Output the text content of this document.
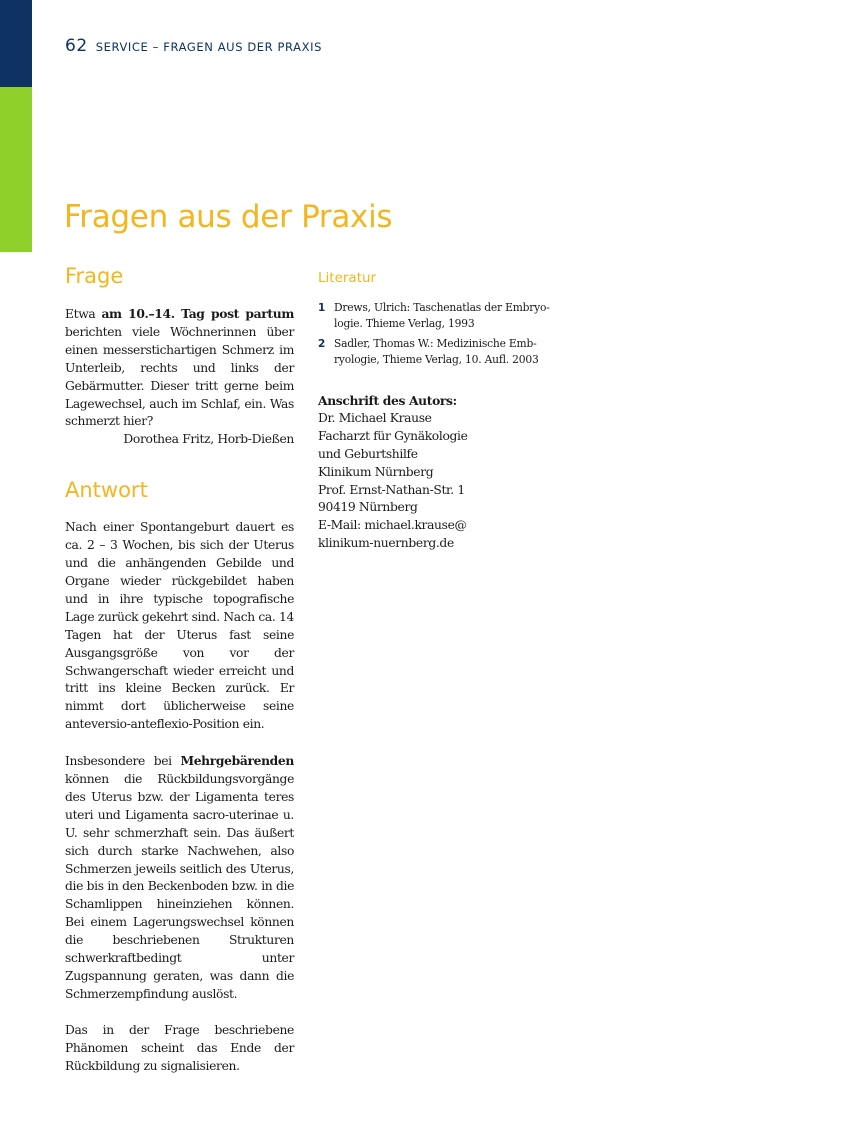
62 SERVICE – FRAGEN AUS DER PRAXIS
Fragen aus der Praxis
Frage

Etwa am 10.–14. Tag post partum berichten viele Wöchnerinnen über einen messerstichartigen Schmerz im Unterleib, rechts und links der Gebärmutter. Dieser tritt gerne beim Lagewechsel, auch im Schlaf, ein. Was schmerzt hier?

Dorothea Fritz, Horb-Dießen

Antwort

Nach einer Spontangeburt dauert es ca. 2 – 3 Wochen, bis sich der Uterus und die anhängenden Gebilde und Organe wieder rückgebildet haben und in ihre typische topografische Lage zurück gekehrt sind. Nach ca. 14 Tagen hat der Uterus fast seine Ausgangsgröße von vor der Schwangerschaft wieder erreicht und tritt ins kleine Becken zurück. Er nimmt dort üblicherweise seine anteversio-anteflexio-Position ein.

Insbesondere bei Mehrgebärenden können die Rückbildungsvorgänge des Uterus bzw. der Ligamenta teres uteri und Ligamenta sacro-uterinae u. U. sehr schmerzhaft sein. Das äußert sich durch starke Nachwehen, also Schmerzen jeweils seitlich des Uterus, die bis in den Beckenboden bzw. in die Schamlippen hineinziehen können. Bei einem Lagerungswechsel können die beschriebenen Strukturen schwerkraftbedingt unter Zugspannung geraten, was dann die Schmerzempfindung auslöst.

Das in der Frage beschriebene Phänomen scheint das Ende der Rückbildung zu signalisieren.

Literatur
1 Drews, Ulrich: Taschenatlas der Embryo-
logie. Thieme Verlag, 1993
2 Sadler, Thomas W.: Medizinische Emb-
ryologie, Thieme Verlag, 10. Aufl. 2003
Anschrift des Autors:
Dr. Michael Krause
Facharzt für Gynäkologie
und Geburtshilfe
Klinikum Nürnberg
Prof. Ernst-Nathan-Str. 1
90419 Nürnberg
E-Mail: michael.krause@
klinikum-nuernberg.de
